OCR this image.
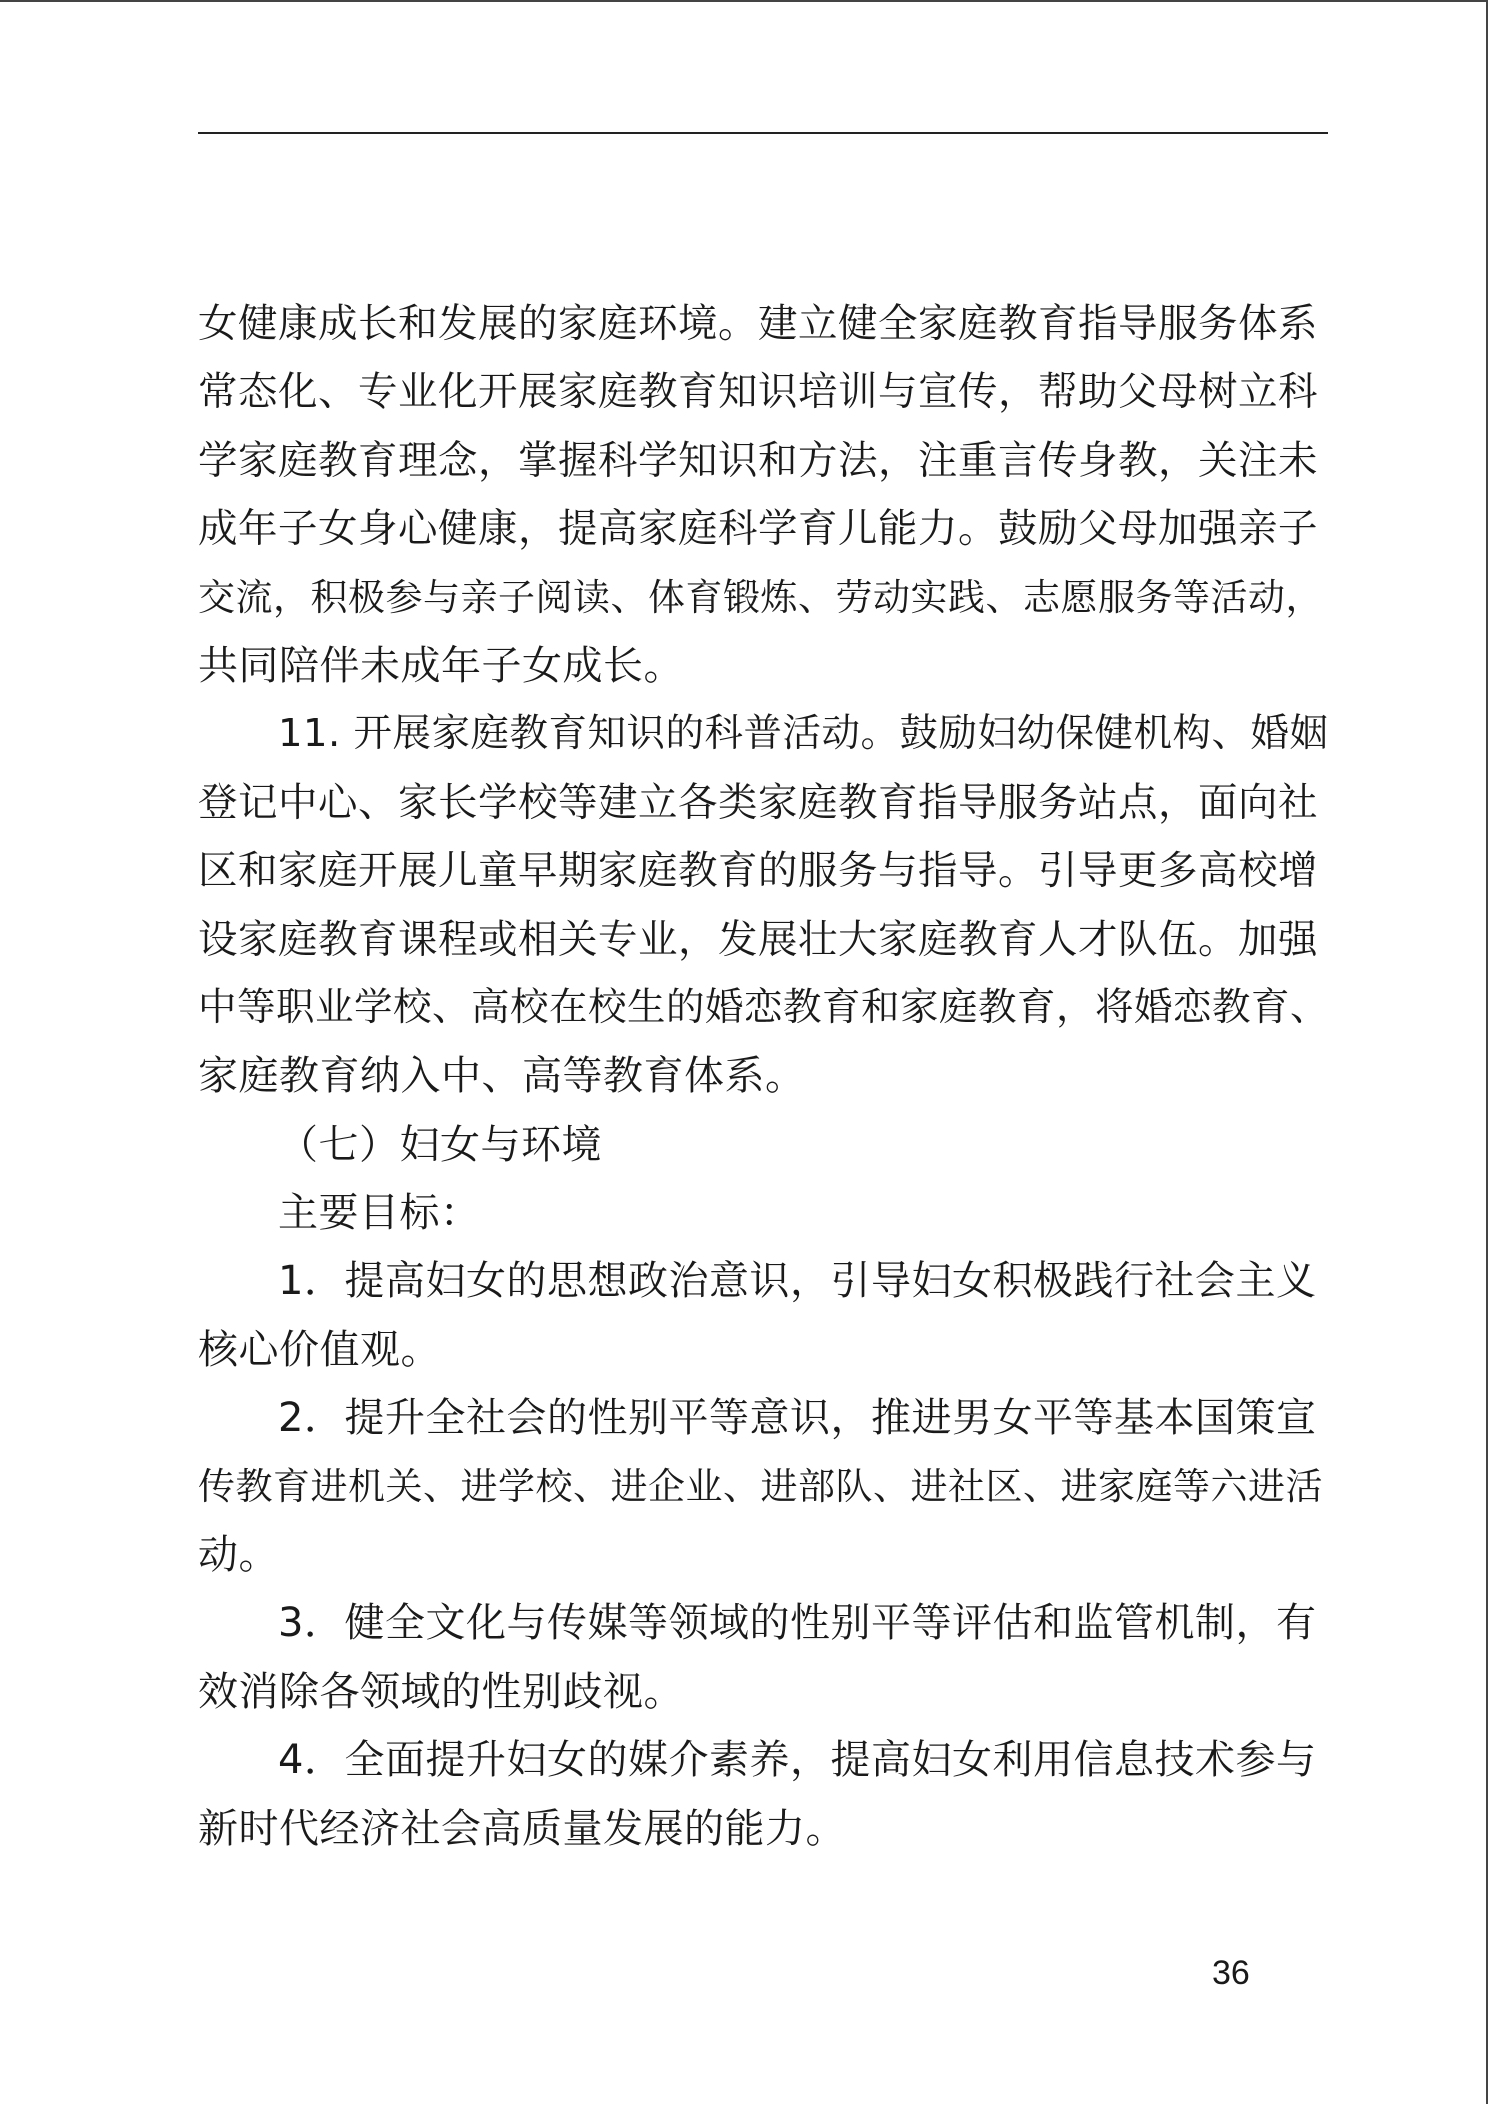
女健康成长和发展的家庭环境。建立健全家庭教育指导服务体系
常态化、专业化开展家庭教育知识培训与宣传，帮助父母树立科
学家庭教育理念，掌握科学知识和方法，注重言传身教，关注未
成年子女身心健康，提高家庭科学育儿能力。鼓励父母加强亲子
交流，积极参与亲子阅读、体育锻炼、劳动实践、志愿服务等活动，
共同陪伴未成年子女成长。
11. 开展家庭教育知识的科普活动。鼓励妇幼保健机构、婚姻
登记中心、家长学校等建立各类家庭教育指导服务站点，面向社
区和家庭开展儿童早期家庭教育的服务与指导。引导更多高校增
设家庭教育课程或相关专业，发展壮大家庭教育人才队伍。加强
中等职业学校、高校在校生的婚恋教育和家庭教育，将婚恋教育、
家庭教育纳入中、高等教育体系。
（七）妇女与环境
主要目标：
1．提高妇女的思想政治意识，引导妇女积极践行社会主义
核心价值观。
2．提升全社会的性别平等意识，推进男女平等基本国策宣
传教育进机关、进学校、进企业、进部队、进社区、进家庭等六进活
动。
3．健全文化与传媒等领域的性别平等评估和监管机制，有
效消除各领域的性别歧视。
4．全面提升妇女的媒介素养，提高妇女利用信息技术参与
新时代经济社会高质量发展的能力。
36
